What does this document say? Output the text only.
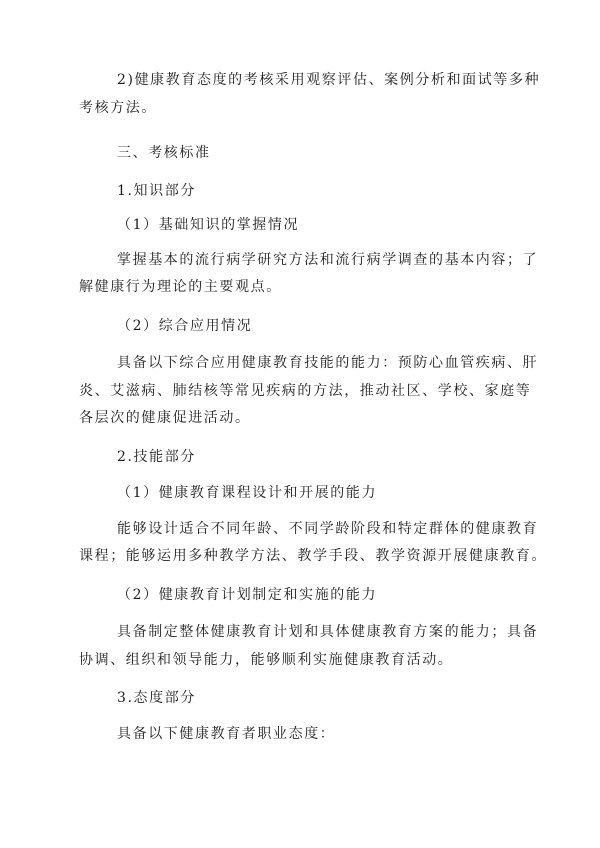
2)健康教育态度的考核采用观察评估、案例分析和面试等多种
考核方法。
三、考核标准
1.知识部分
（1）基础知识的掌握情况
掌握基本的流行病学研究方法和流行病学调查的基本内容；了
解健康行为理论的主要观点。
（2）综合应用情况
具备以下综合应用健康教育技能的能力：预防心血管疾病、肝
炎、艾滋病、肺结核等常见疾病的方法，推动社区、学校、家庭等
各层次的健康促进活动。
2.技能部分
（1）健康教育课程设计和开展的能力
能够设计适合不同年龄、不同学龄阶段和特定群体的健康教育
课程；能够运用多种教学方法、教学手段、教学资源开展健康教育。
（2）健康教育计划制定和实施的能力
具备制定整体健康教育计划和具体健康教育方案的能力；具备
协调、组织和领导能力，能够顺利实施健康教育活动。
3.态度部分
具备以下健康教育者职业态度：
